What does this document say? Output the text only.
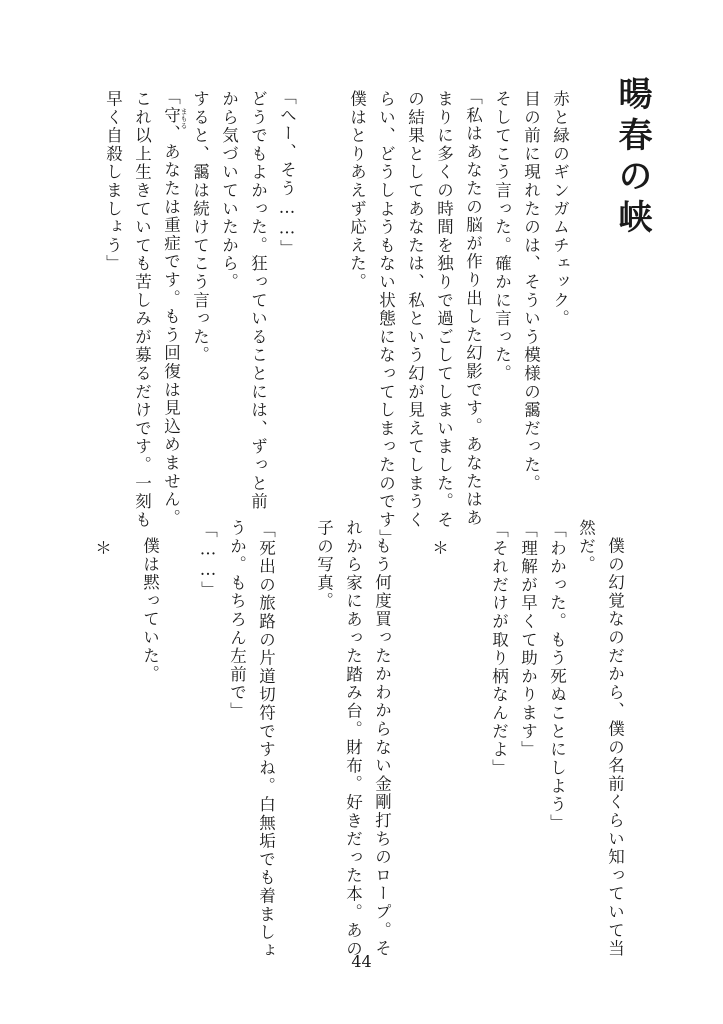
暘春の峡
赤と緑のギンガムチェック。
目の前に現れたのは、そういう模様の靄だった。
そしてこう言った。確かに言った。
「私はあなたの脳が作り出した幻影です。あなたはあ
まりに多くの時間を独りで過ごしてしまいました。そ
の結果としてあなたは、私という幻が見えてしまうく
らい、どうしようもない状態になってしまったのです」
僕はとりあえず応えた。
「へー、そう……」
どうでもよかった。狂っていることには、ずっと前
から気づいていたから。
すると、靄は続けてこう言った。
「守、あなたは重症です。もう回復は見込めません。 まもる
これ以上生きていても苦しみが募るだけです。一刻も
早く自殺しましょう」
＊	僕の幻覚なのだから、僕の名前くらい知っていて当
然だ。
「わかった。もう死ぬことにしよう」
「理解が早くて助かります」
「それだけが取り柄なんだよ」
＊
もう何度買ったかわからない金剛打ちのロープ。そ
れから家にあった踏み台。財布。好きだった本。あの
子の写真。
「死出の旅路の片道切符ですね。白無垢でも着ましょ
うか。もちろん左前で」
「……」
僕は黙っていた。
44
